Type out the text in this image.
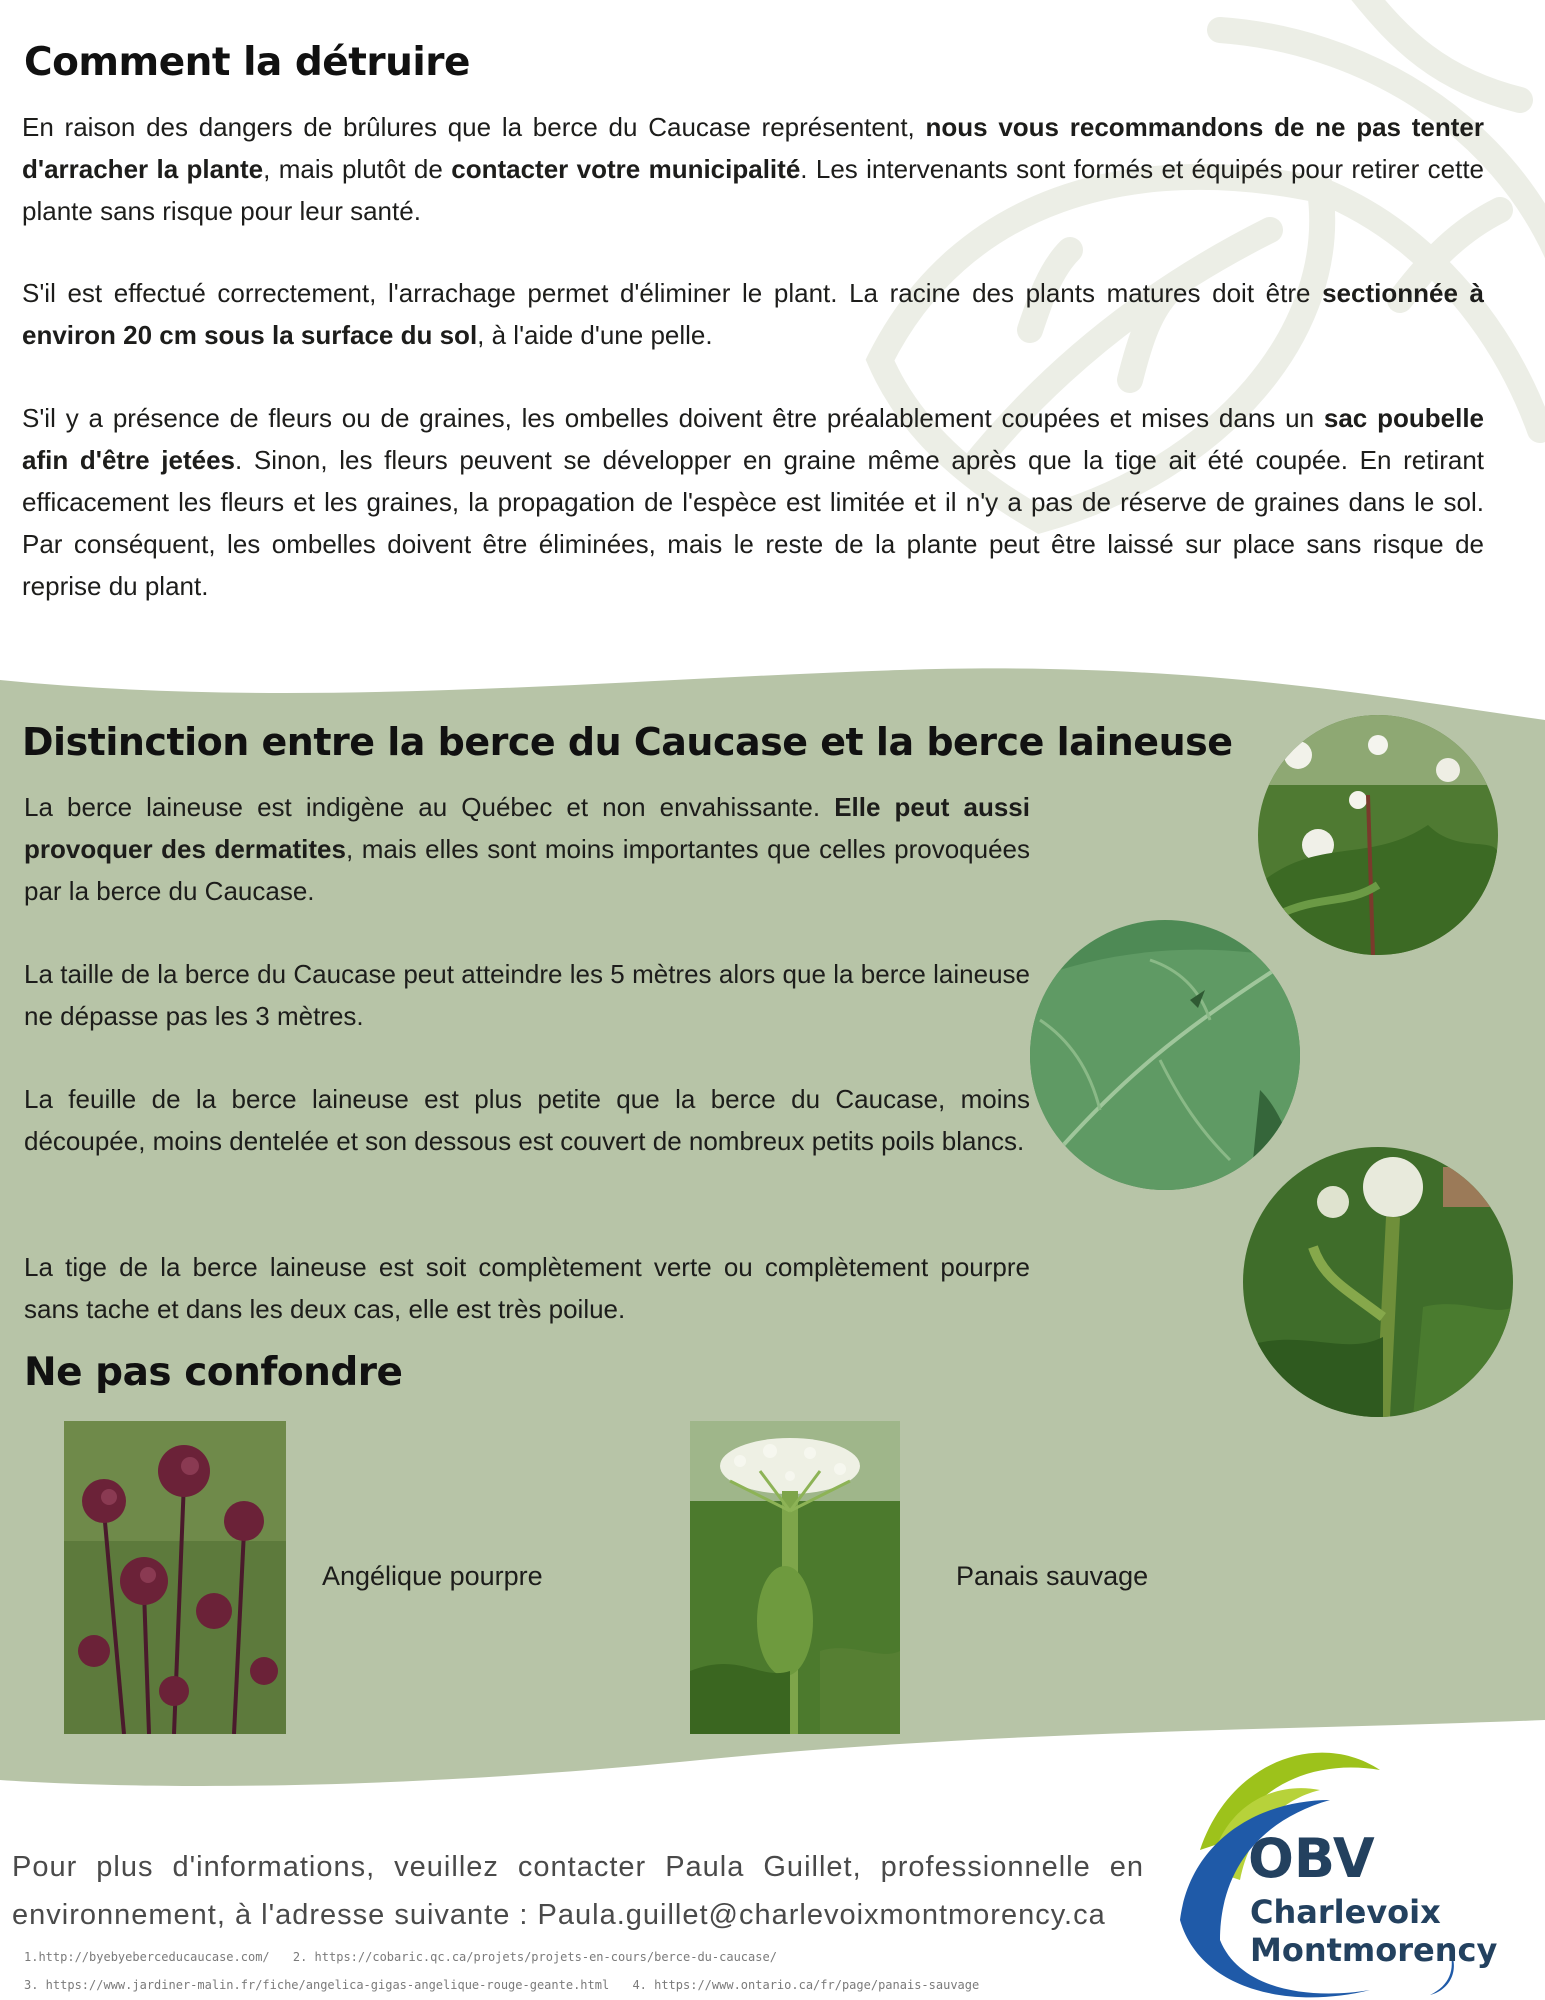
Comment la détruire

En raison des dangers de brûlures que la berce du Caucase représentent, nous vous recommandons de ne pas tenter d'arracher la plante, mais plutôt de contacter votre municipalité. Les intervenants sont formés et équipés pour retirer cette plante sans risque pour leur santé.

S'il est effectué correctement, l'arrachage permet d'éliminer le plant. La racine des plants matures doit être sectionnée à environ 20 cm sous la surface du sol, à l'aide d'une pelle.

S'il y a présence de fleurs ou de graines, les ombelles doivent être préalablement coupées et mises dans un sac poubelle afin d'être jetées. Sinon, les fleurs peuvent se développer en graine même après que la tige ait été coupée. En retirant efficacement les fleurs et les graines, la propagation de l'espèce est limitée et il n'y a pas de réserve de graines dans le sol. Par conséquent, les ombelles doivent être éliminées, mais le reste de la plante peut être laissé sur place sans risque de reprise du plant.

Distinction entre la berce du Caucase et la berce laineuse

La berce laineuse est indigène au Québec et non envahissante. Elle peut aussi provoquer des dermatites, mais elles sont moins importantes que celles provoquées par la berce du Caucase.

La taille de la berce du Caucase peut atteindre les 5 mètres alors que la berce laineuse ne dépasse pas les 3 mètres.

La feuille de la berce laineuse est plus petite que la berce du Caucase, moins découpée, moins dentelée et son dessous est couvert de nombreux petits poils blancs.

La tige de la berce laineuse est soit complètement verte ou complètement pourpre sans tache et dans les deux cas, elle est très poilue.

Ne pas confondre
Angélique pourpre	Panais sauvage

Pour plus d'informations, veuillez contacter Paula Guillet, professionnelle en environnement, à l'adresse suivante : Paula.guillet@charlevoixmontmorency.ca

1.http://byebyeberceducaucase.com/ 2. https://cobaric.qc.ca/projets/projets-en-cours/berce-du-caucase/
3. https://www.jardiner-malin.fr/fiche/angelica-gigas-angelique-rouge-geante.html 4. https://www.ontario.ca/fr/page/panais-sauvage
OBV
Charlevoix
Montmorency
